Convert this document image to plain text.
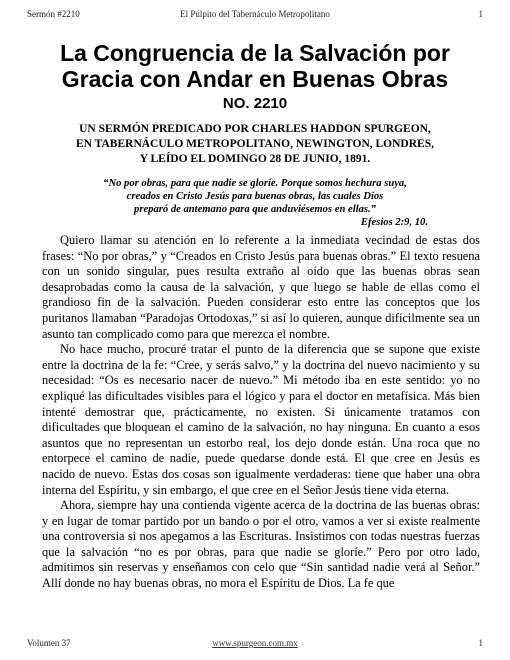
Sermón #2210	El Púlpito del Tabernáculo Metropolitano	1
La Congruencia de la Salvación por
Gracia con Andar en Buenas Obras
NO. 2210
UN SERMÓN PREDICADO POR CHARLES HADDON SPURGEON,
EN TABERNÁCULO METROPOLITANO, NEWINGTON, LONDRES,
Y LEÍDO EL DOMINGO 28 DE JUNIO, 1891.
“No por obras, para que nadie se gloríe. Porque somos hechura suya,
creados en Cristo Jesús para buenas obras, las cuales Dios
preparó de antemano para que anduviésemos en ellas.”
Efesios 2:9, 10.

Quiero llamar su atención en lo referente a la inmediata vecindad de estas dos frases: “No por obras,” y “Creados en Cristo Jesús para buenas obras.” El texto resuena con un sonido singular, pues resulta extraño al oído que las buenas obras sean desaprobadas como la causa de la salvación, y que luego se hable de ellas como el grandioso fin de la salvación. Pueden considerar esto entre las conceptos que los puritanos llamaban “Paradojas Ortodoxas,” si así lo quieren, aunque difícilmente sea un asunto tan complicado como para que merezca el nombre.

No hace mucho, procuré tratar el punto de la diferencia que se supone que existe entre la doctrina de la fe: “Cree, y serás salvo,” y la doctrina del nuevo nacimiento y su necesidad: “Os es necesario nacer de nuevo.” Mi método iba en este sentido: yo no expliqué las dificultades visibles para el lógico y para el doctor en metafísica. Más bien intenté demostrar que, prácticamente, no existen. Si únicamente tratamos con dificultades que bloquean el camino de la salvación, no hay ninguna. En cuanto a esos asuntos que no representan un estorbo real, los dejo donde están. Una roca que no entorpece el camino de nadie, puede quedarse donde está. El que cree en Jesús es nacido de nuevo. Estas dos cosas son igualmente verdaderas: tiene que haber una obra interna del Espíritu, y sin embargo, el que cree en el Señor Jesús tiene vida eterna.

Ahora, siempre hay una contienda vigente acerca de la doctrina de las buenas obras: y en lugar de tomar partido por un bando o por el otro, vamos a ver si existe realmente una controversia si nos apegamos a las Escrituras. Insistimos con todas nuestras fuerzas que la salvación “no es por obras, para que nadie se gloríe.” Pero por otro lado, admitimos sin reservas y enseñamos con celo que “Sin santidad nadie verá al Señor.” Allí donde no hay buenas obras, no mora el Espíritu de Dios. La fe que

Volumen 37	www.spurgeon.com.mx	1
